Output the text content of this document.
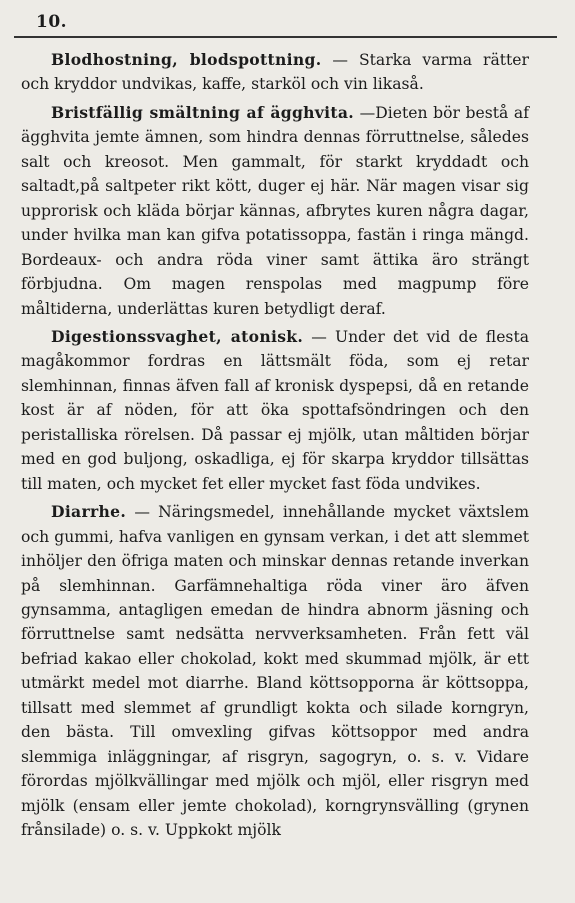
10.

Blodhostning, blodspottning. — Starka varma rätter och kryddor undvikas, kaffe, starköl och vin likaså.

Bristfällig smältning af ägghvita. —Dieten bör bestå af ägghvita jemte ämnen, som hindra dennas förruttnelse, således salt och kreosot. Men gammalt, för starkt kryddadt och saltadt,på saltpeter rikt kött, duger ej här. När magen visar sig upprorisk och kläda börjar kännas, afbrytes kuren några dagar, under hvilka man kan gifva potatissoppa, fastän i ringa mängd. Bordeaux- och andra röda viner samt ättika äro strängt förbjudna. Om magen renspolas med magpump före måltiderna, underlättas kuren betydligt deraf.

Digestionssvaghet, atonisk. — Under det vid de flesta magåkommor fordras en lättsmält föda, som ej retar slemhinnan, finnas äfven fall af kronisk dyspepsi, då en retande kost är af nöden, för att öka spottafsöndringen och den peristalliska rörelsen. Då passar ej mjölk, utan måltiden börjar med en god buljong, oskadliga, ej för skarpa kryddor tillsättas till maten, och mycket fet eller mycket fast föda undvikes.

Diarrhe. — Näringsmedel, innehållande mycket växtslem och gummi, hafva vanligen en gynsam verkan, i det att slemmet inhöljer den öfriga maten och minskar dennas retande inverkan på slemhinnan. Garfämnehaltiga röda viner äro äfven gynsamma, antagligen emedan de hindra abnorm jäsning och förruttnelse samt nedsätta nervverksamheten. Från fett väl befriad kakao eller chokolad, kokt med skummad mjölk, är ett utmärkt medel mot diarrhe. Bland köttsopporna är köttsoppa, tillsatt med slemmet af grundligt kokta och silade korngryn, den bästa. Till omvexling gifvas köttsoppor med andra slemmiga inläggningar, af risgryn, sagogryn, o. s. v. Vidare förordas mjölkvällingar med mjölk och mjöl, eller risgryn med mjölk (ensam eller jemte chokolad), korngrynsvälling (grynen frånsilade) o. s. v. Uppkokt mjölk
